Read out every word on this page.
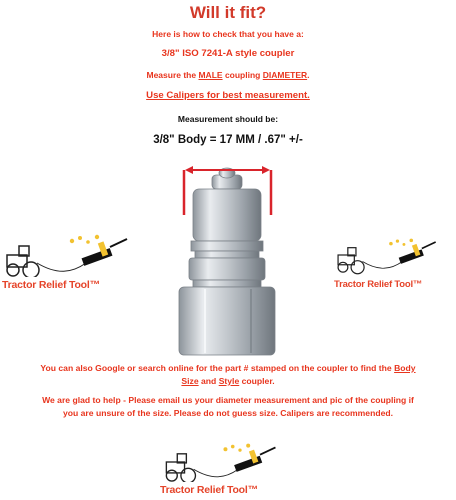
Will it fit?
Here is how to check that you have a:
3/8" ISO 7241-A style coupler
Measure the MALE coupling DIAMETER.
Use Calipers for best measurement.
Measurement should be:
3/8" Body = 17 MM / .67" +/-
Tractor Relief Tool™	Tractor Relief Tool™
You can also Google or search online for the part # stamped on the coupler to find the Body Size and Style coupler.
We are glad to help - Please email us your diameter measurement and pic of the coupling if you are unsure of the size. Please do not guess size. Calipers are recommended.
Tractor Relief Tool™
